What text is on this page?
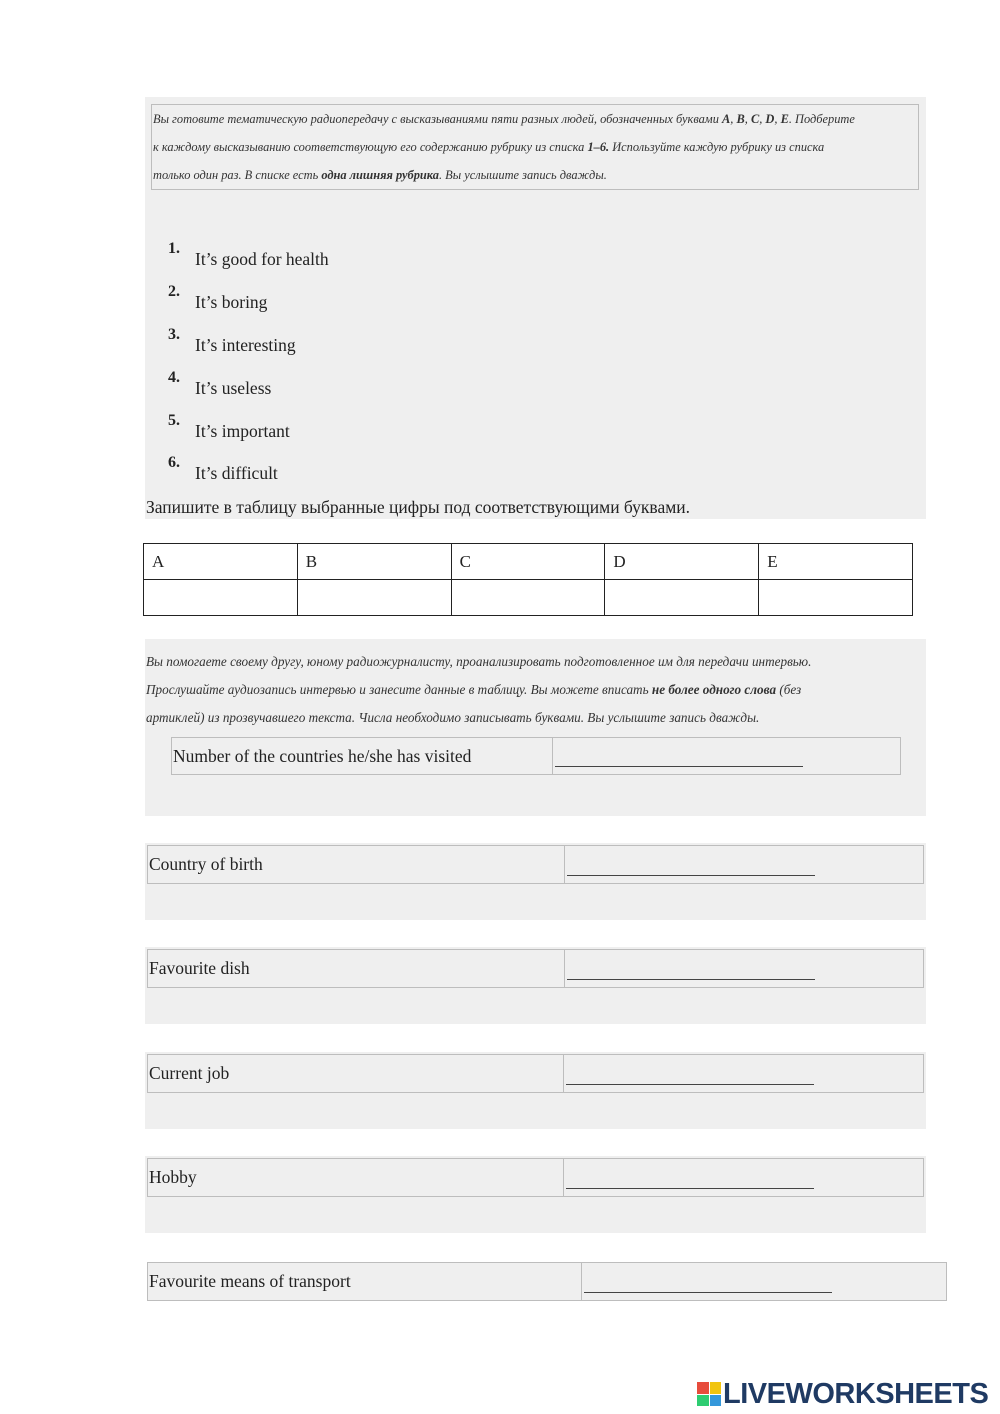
Вы готовите тематическую радиопередачу с высказываниями пяти разных людей, обозначенных буквами A, B, C, D, E. Подберите
к каждому высказыванию соответствующую его содержанию рубрику из списка 1–6. Используйте каждую рубрику из списка
только один раз. В списке есть одна лишняя рубрика. Вы услышите запись дважды.
1.
It’s good for health
2.
It’s boring
3.
It’s interesting
4.
It’s useless
5.
It’s important
6.
It’s difficult
Запишите в таблицу выбранные цифры под соответствующими буквами.
A	B	C	D	E

Вы помогаете своему другу, юному радиожурналисту, проанализировать подготовленное им для передачи интервью.
Прослушайте аудиозапись интервью и занесите данные в таблицу. Вы можете вписать не более одного слова (без
артиклей) из прозвучавшего текста. Числа необходимо записывать буквами. Вы услышите запись дважды.
Number of the countries he/she has visited
Country of birth
Favourite dish
Current job
Hobby
Favourite means of transport
LIVEWORKSHEETS
